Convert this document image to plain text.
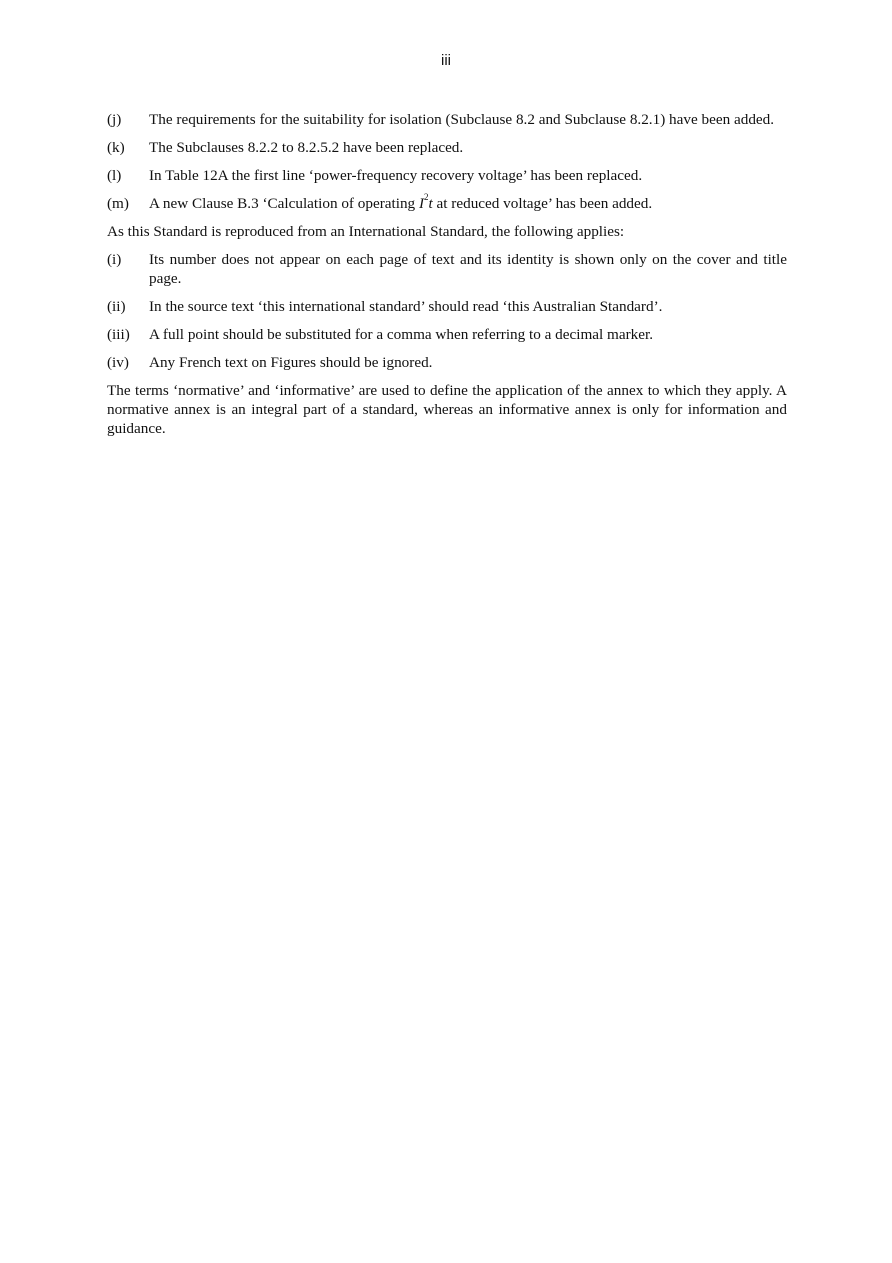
iii
(j)	The requirements for the suitability for isolation (Subclause 8.2 and Subclause 8.2.1) have been added.
(k)	The Subclauses 8.2.2 to 8.2.5.2 have been replaced.
(l)	In Table 12A the first line ‘power-frequency recovery voltage’ has been replaced.
(m)	A new Clause B.3 ‘Calculation of operating $I^2t$ at reduced voltage’ has been added.
As this Standard is reproduced from an International Standard, the following applies:
(i)	Its number does not appear on each page of text and its identity is shown only on the cover and title page.
(ii)	In the source text ‘this international standard’ should read ‘this Australian Standard’.
(iii)	A full point should be substituted for a comma when referring to a decimal marker.
(iv)	Any French text on Figures should be ignored.
The terms ‘normative’ and ‘informative’ are used to define the application of the annex to which they apply. A normative annex is an integral part of a standard, whereas an informative annex is only for information and guidance.
